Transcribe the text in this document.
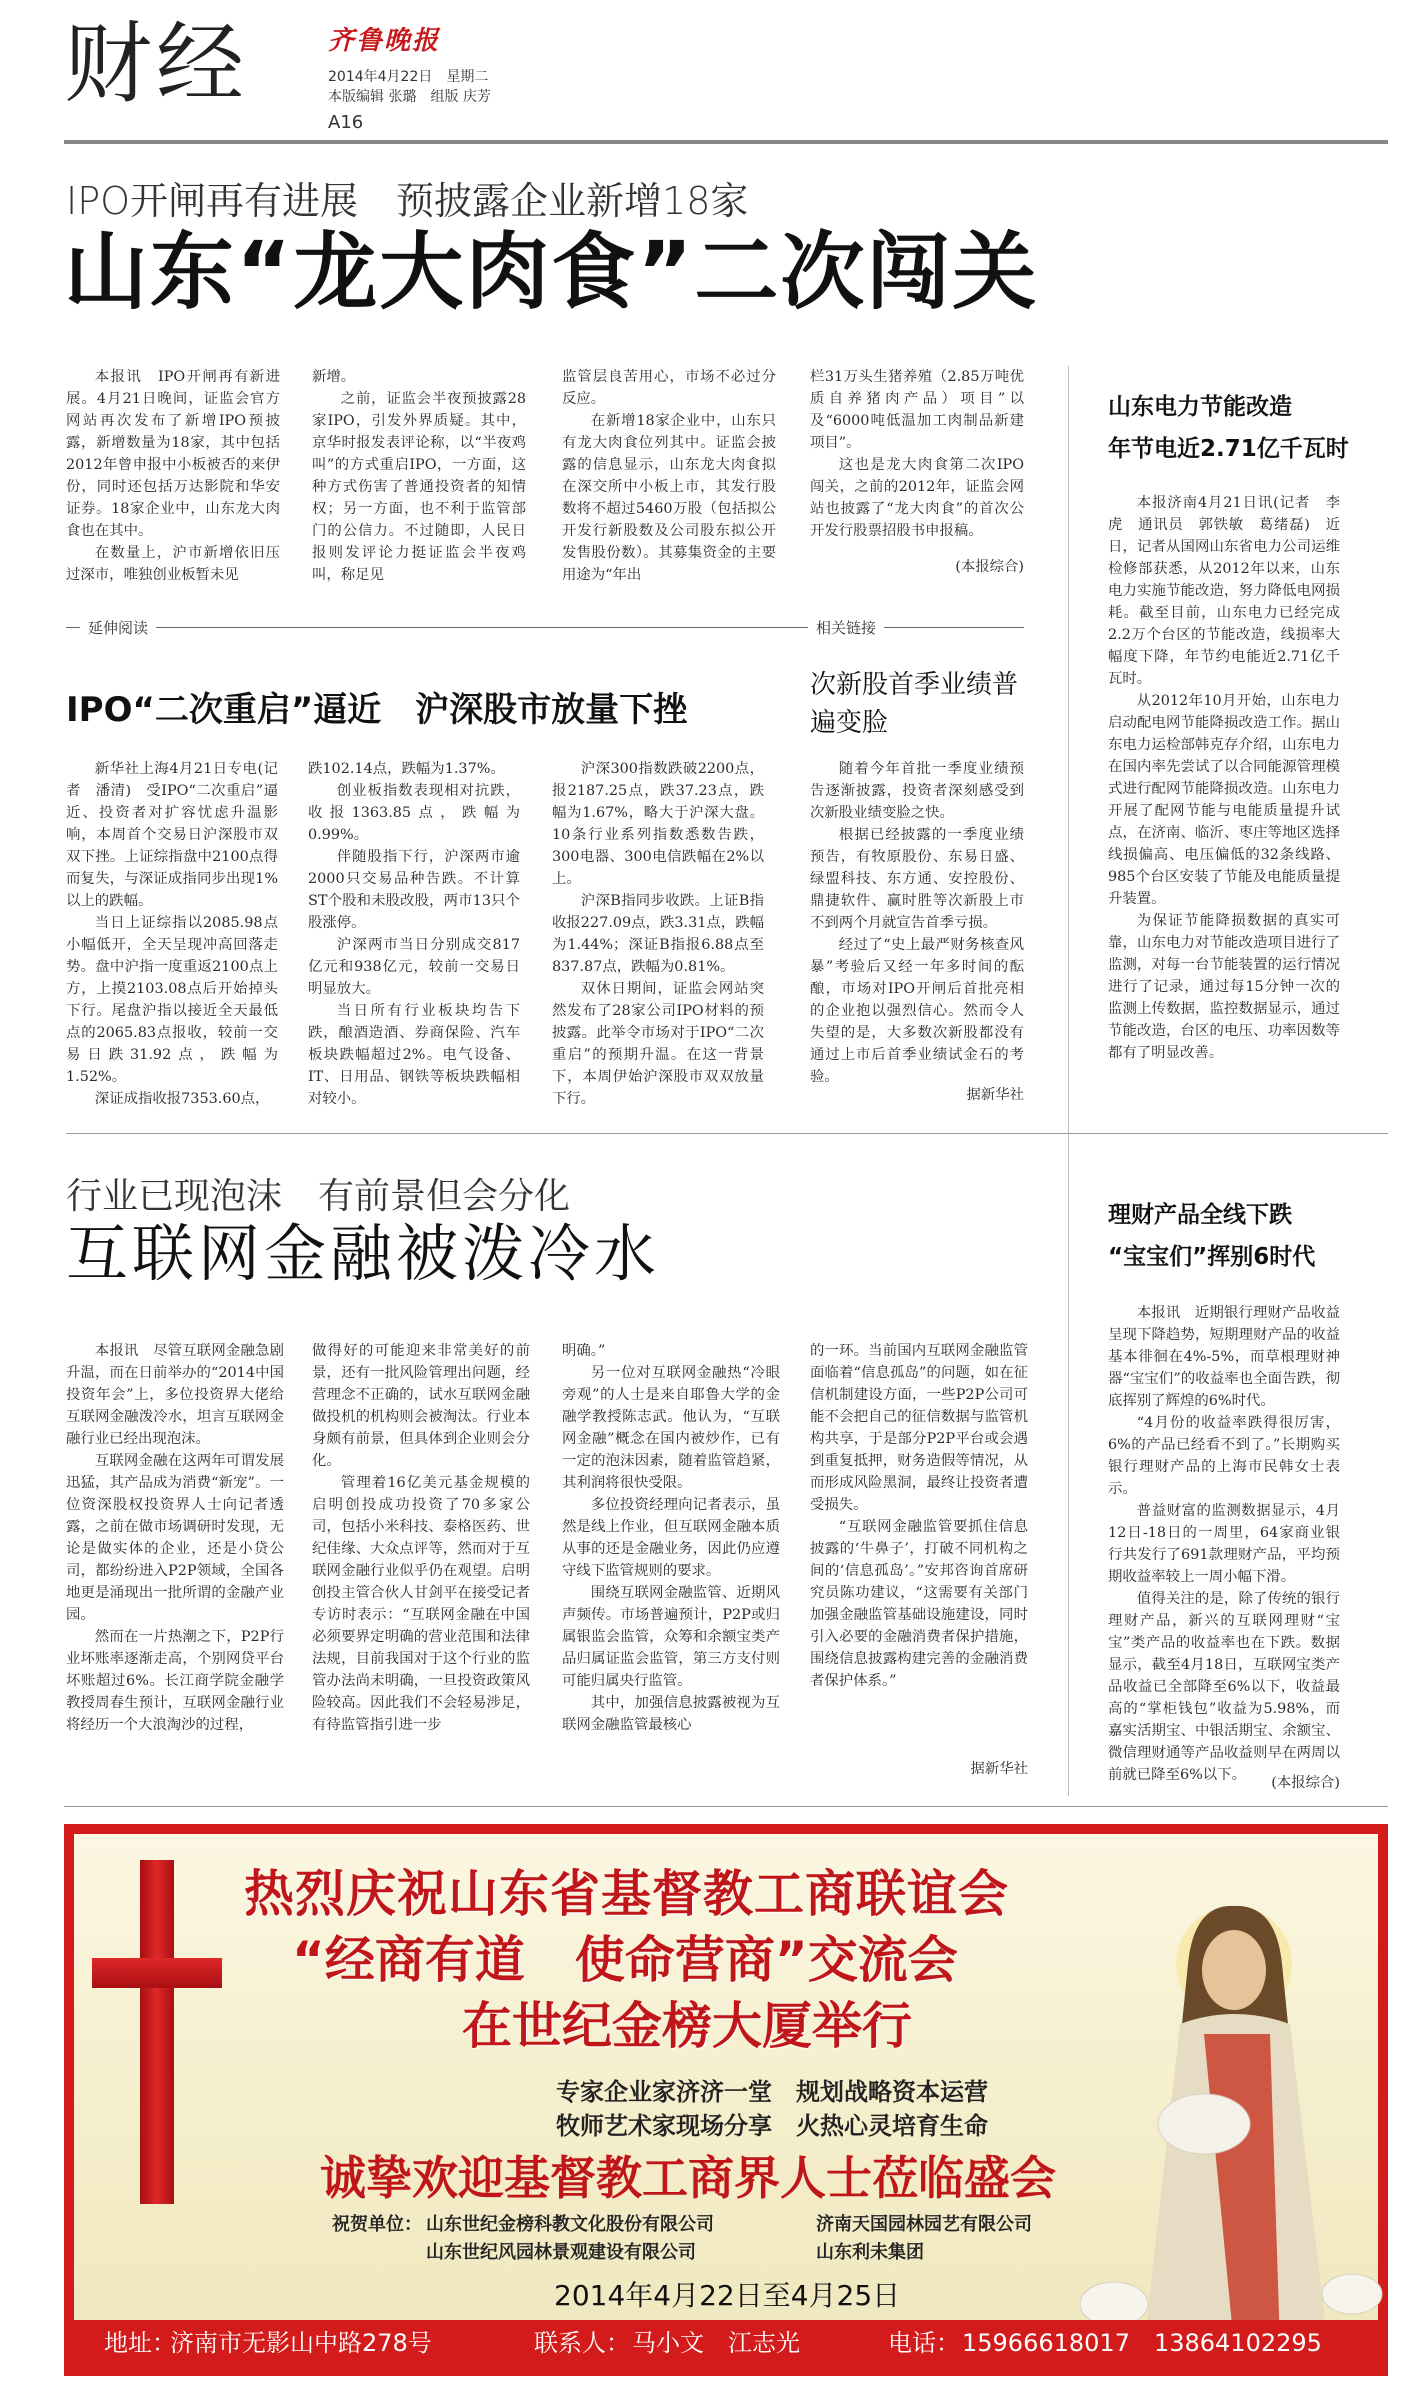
财经	齐鲁晚报
2014年4月22日　星期二
本版编辑 张璐　组版 庆芳
A16
IPO开闸再有进展　预披露企业新增18家
山东“龙大肉食”二次闯关

本报讯　IPO开闸再有新进展。4月21日晚间，证监会官方网站再次发布了新增IPO预披露，新增数量为18家，其中包括2012年曾申报中小板被否的来伊份，同时还包括万达影院和华安证券。18家企业中，山东龙大肉食也在其中。

在数量上，沪市新增依旧压过深市，唯独创业板暂未见

新增。

之前，证监会半夜预披露28家IPO，引发外界质疑。其中，京华时报发表评论称，以“半夜鸡叫”的方式重启IPO，一方面，这种方式伤害了普通投资者的知情权；另一方面，也不利于监管部门的公信力。不过随即，人民日报则发评论力挺证监会半夜鸡叫，称足见

监管层良苦用心，市场不必过分反应。

在新增18家企业中，山东只有龙大肉食位列其中。证监会披露的信息显示，山东龙大肉食拟在深交所中小板上市，其发行股数将不超过5460万股（包括拟公开发行新股数及公司股东拟公开发售股份数）。其募集资金的主要用途为“年出

栏31万头生猪养殖（2.85万吨优质自养猪肉产品）项目”以及“6000吨低温加工肉制品新建项目”。

这也是龙大肉食第二次IPO闯关，之前的2012年，证监会网站也披露了“龙大肉食”的首次公开发行股票招股书申报稿。

(本报综合)
延伸阅读
IPO“二次重启”逼近　沪深股市放量下挫

新华社上海4月21日专电(记者　潘清)　受IPO“二次重启”逼近、投资者对扩容忧虑升温影响，本周首个交易日沪深股市双双下挫。上证综指盘中2100点得而复失，与深证成指同步出现1%以上的跌幅。

当日上证综指以2085.98点小幅低开，全天呈现冲高回落走势。盘中沪指一度重返2100点上方，上摸2103.08点后开始掉头下行。尾盘沪指以接近全天最低点的2065.83点报收，较前一交易日跌31.92点，跌幅为1.52%。

深证成指收报7353.60点，

跌102.14点，跌幅为1.37%。

创业板指数表现相对抗跌，收报1363.85点，跌幅为0.99%。

伴随股指下行，沪深两市逾2000只交易品种告跌。不计算ST个股和未股改股，两市13只个股涨停。

沪深两市当日分别成交817亿元和938亿元，较前一交易日明显放大。

当日所有行业板块均告下跌，酿酒造酒、券商保险、汽车板块跌幅超过2%。电气设备、IT、日用品、钢铁等板块跌幅相对较小。

沪深300指数跌破2200点，报2187.25点，跌37.23点，跌幅为1.67%，略大于沪深大盘。10条行业系列指数悉数告跌，300电器、300电信跌幅在2%以上。

沪深B指同步收跌。上证B指收报227.09点，跌3.31点，跌幅为1.44%；深证B指报6.88点至837.87点，跌幅为0.81%。

双休日期间，证监会网站突然发布了28家公司IPO材料的预披露。此举令市场对于IPO“二次重启”的预期升温。在这一背景下，本周伊始沪深股市双双放量下行。

相关链接
次新股首季业绩普遍变脸

随着今年首批一季度业绩预告逐渐披露，投资者深刻感受到次新股业绩变脸之快。

根据已经披露的一季度业绩预告，有牧原股份、东易日盛、绿盟科技、东方通、安控股份、鼎捷软件、赢时胜等次新股上市不到两个月就宣告首季亏损。

经过了“史上最严财务核查风暴”考验后又经一年多时间的酝酿，市场对IPO开闸后首批亮相的企业抱以强烈信心。然而令人失望的是，大多数次新股都没有通过上市后首季业绩试金石的考验。

据新华社
山东电力节能改造
年节电近2.71亿千瓦时

本报济南4月21日讯(记者　李虎　通讯员　郭铁敏　葛绪磊)　近日，记者从国网山东省电力公司运维检修部获悉，从2012年以来，山东电力实施节能改造，努力降低电网损耗。截至目前，山东电力已经完成2.2万个台区的节能改造，线损率大幅度下降，年节约电能近2.71亿千瓦时。

从2012年10月开始，山东电力启动配电网节能降损改造工作。据山东电力运检部韩克存介绍，山东电力在国内率先尝试了以合同能源管理模式进行配网节能降损改造。山东电力开展了配网节能与电能质量提升试点，在济南、临沂、枣庄等地区选择线损偏高、电压偏低的32条线路、985个台区安装了节能及电能质量提升装置。

为保证节能降损数据的真实可靠，山东电力对节能改造项目进行了监测，对每一台节能装置的运行情况进行了记录，通过每15分钟一次的监测上传数据，监控数据显示，通过节能改造，台区的电压、功率因数等都有了明显改善。

行业已现泡沫　有前景但会分化
互联网金融被泼冷水

本报讯　尽管互联网金融急剧升温，而在日前举办的“2014中国投资年会”上，多位投资界大佬给互联网金融泼冷水，坦言互联网金融行业已经出现泡沫。

互联网金融在这两年可谓发展迅猛，其产品成为消费“新宠”。一位资深股权投资界人士向记者透露，之前在做市场调研时发现，无论是做实体的企业，还是小贷公司，都纷纷进入P2P领域，全国各地更是涌现出一批所谓的金融产业园。

然而在一片热潮之下，P2P行业坏账率逐渐走高，个别网贷平台坏账超过6%。长江商学院金融学教授周春生预计，互联网金融行业将经历一个大浪淘沙的过程，

做得好的可能迎来非常美好的前景，还有一批风险管理出问题，经营理念不正确的，试水互联网金融做投机的机构则会被淘汰。行业本身颇有前景，但具体到企业则会分化。

管理着16亿美元基金规模的启明创投成功投资了70多家公司，包括小米科技、泰格医药、世纪佳缘、大众点评等，然而对于互联网金融行业似乎仍在观望。启明创投主管合伙人甘剑平在接受记者专访时表示：“互联网金融在中国必须要界定明确的营业范围和法律法规，目前我国对于这个行业的监管办法尚未明确，一旦投资政策风险较高。因此我们不会轻易涉足，有待监管指引进一步

明确。”

另一位对互联网金融热“冷眼旁观”的人士是来自耶鲁大学的金融学教授陈志武。他认为，“互联网金融”概念在国内被炒作，已有一定的泡沫因素，随着监管趋紧，其利润将很快受限。

多位投资经理向记者表示，虽然是线上作业，但互联网金融本质从事的还是金融业务，因此仍应遵守线下监管规则的要求。

围绕互联网金融监管、近期风声频传。市场普遍预计，P2P或归属银监会监管，众筹和余额宝类产品归属证监会监管，第三方支付则可能归属央行监管。

其中，加强信息披露被视为互联网金融监管最核心

的一环。当前国内互联网金融监管面临着“信息孤岛”的问题，如在征信机制建设方面，一些P2P公司可能不会把自己的征信数据与监管机构共享，于是部分P2P平台或会遇到重复抵押，财务造假等情况，从而形成风险黑洞，最终让投资者遭受损失。

“互联网金融监管要抓住信息披露的‘牛鼻子’，打破不同机构之间的‘信息孤岛’。”安邦咨询首席研究员陈功建议，“这需要有关部门加强金融监管基础设施建设，同时引入必要的金融消费者保护措施，围绕信息披露构建完善的金融消费者保护体系。”

据新华社
理财产品全线下跌
“宝宝们”挥别6时代

本报讯　近期银行理财产品收益呈现下降趋势，短期理财产品的收益基本徘徊在4%-5%，而草根理财神器“宝宝们”的收益率也全面告跌，彻底挥别了辉煌的6%时代。

“4月份的收益率跌得很厉害，6%的产品已经看不到了。”长期购买银行理财产品的上海市民韩女士表示。

普益财富的监测数据显示，4月12日-18日的一周里，64家商业银行共发行了691款理财产品，平均预期收益率较上一周小幅下滑。

值得关注的是，除了传统的银行理财产品，新兴的互联网理财“宝宝”类产品的收益率也在下跌。数据显示，截至4月18日，互联网宝类产品收益已全部降至6%以下，收益最高的“掌柜钱包”收益为5.98%，而嘉实活期宝、中银活期宝、余额宝、微信理财通等产品收益则早在两周以前就已降至6%以下。	(本报综合)
热烈庆祝山东省基督教工商联谊会
“经商有道　使命营商”交流会
在世纪金榜大厦举行
专家企业家济济一堂　规划战略资本运营
牧师艺术家现场分享　火热心灵培育生命
诚挚欢迎基督教工商界人士莅临盛会
祝贺单位： 山东世纪金榜科教文化股份有限公司	济南天国园林园艺有限公司
山东世纪风园林景观建设有限公司	山东利未集团
2014年4月22日至4月25日
地址：
济南市无影山中路278号	联系人： 马小文　江志光	电话： 15966618017　13864102295
